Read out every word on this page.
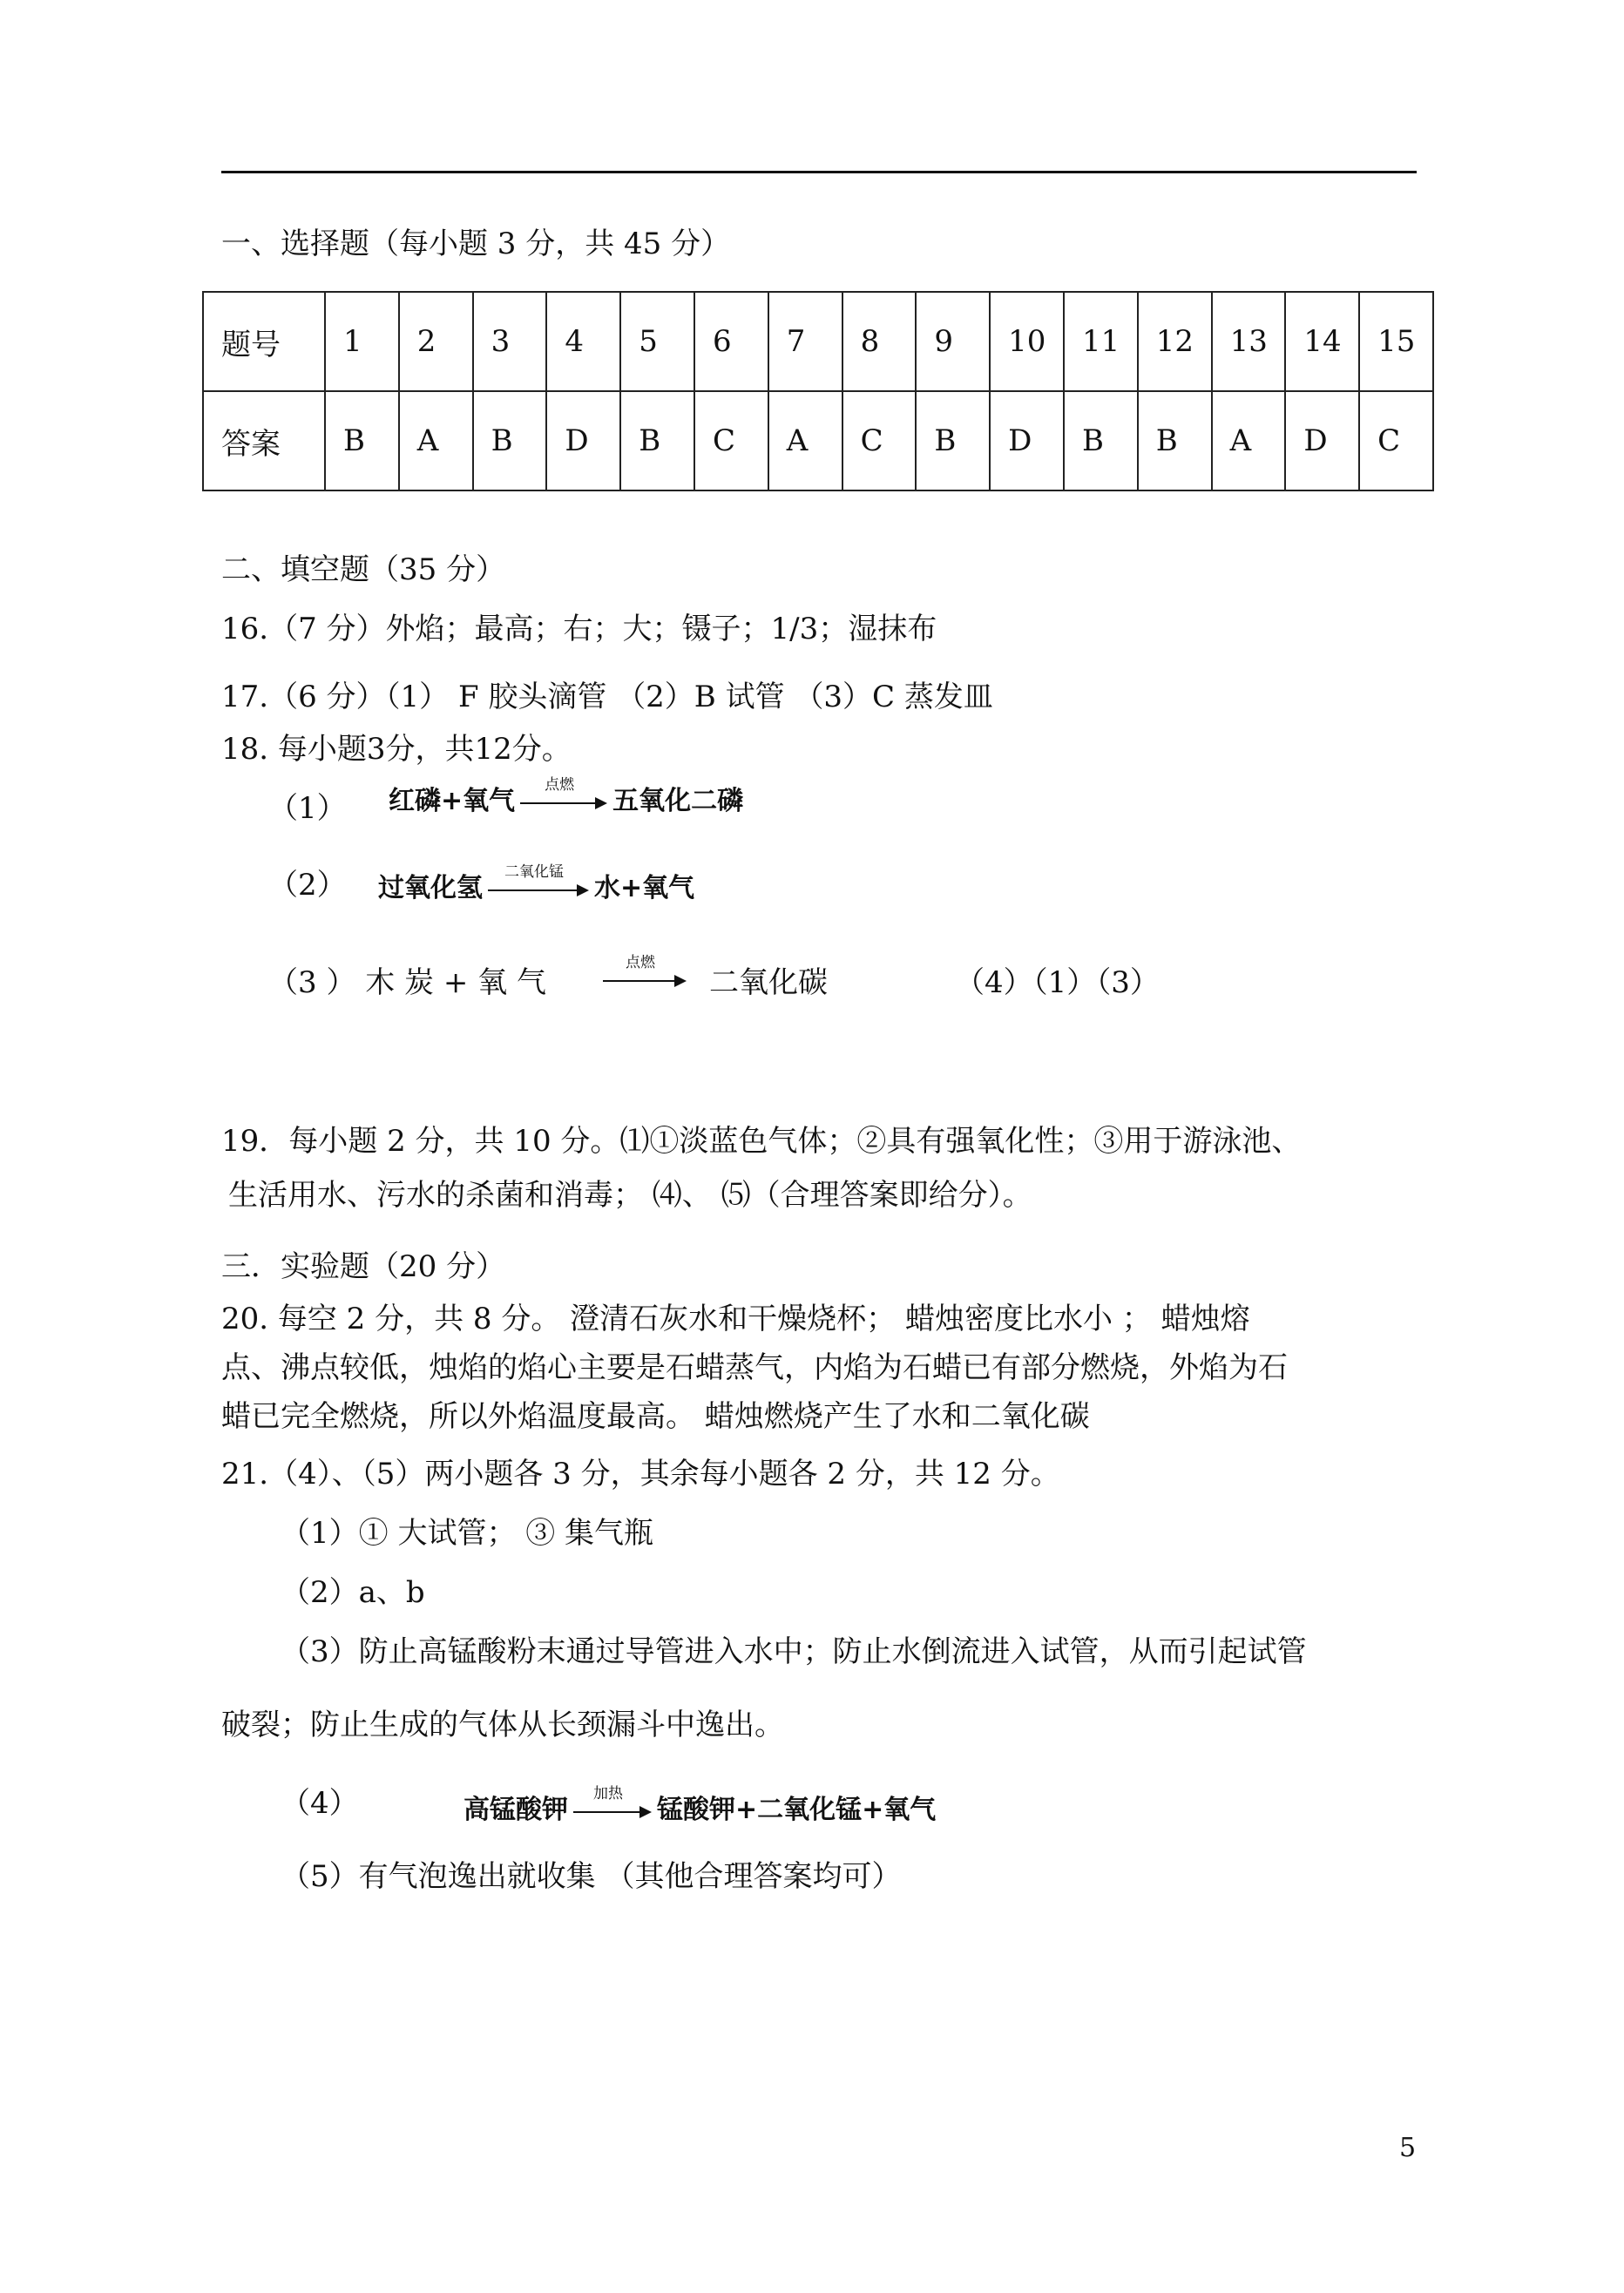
一、选择题（每小题 3 分，共 45 分）
题号	1	2	3	4	5	6	7	8	9	10	11	12	13	14	15
答案	B	A	B	D	B	C	A	C	B	D	B	B	A	D	C
二、填空题（35 分）
16.（7 分）外焰；最高；右；大；镊子；1/3；湿抹布
17.（6 分）（1） F 胶头滴管 （2）B 试管 （3）C 蒸发皿
18. 每小题3分，共12分。
（1） 红磷+氧气
点燃
五氧化二磷
（2） 过氧化氢
二氧化锰
水+氧气
（3 ） 木 炭 + 氧 气
点燃
二氧化碳	（4）（1）（3）
19．每小题 2 分，共 10 分。⑴①淡蓝色气体；②具有强氧化性；③用于游泳池、
生活用水、污水的杀菌和消毒； ⑷、 ⑸（合理答案即给分）。
三．实验题（20 分）
20. 每空 2 分，共 8 分。 澄清石灰水和干燥烧杯； 蜡烛密度比水小 ； 蜡烛熔
点、沸点较低，烛焰的焰心主要是石蜡蒸气，内焰为石蜡已有部分燃烧，外焰为石
蜡已完全燃烧，所以外焰温度最高。 蜡烛燃烧产生了水和二氧化碳
21.（4）、（5）两小题各 3 分，其余每小题各 2 分，共 12 分。
（1）① 大试管； ③ 集气瓶
（2）a、b
（3）防止高锰酸粉末通过导管进入水中；防止水倒流进入试管，从而引起试管
破裂；防止生成的气体从长颈漏斗中逸出。
（4）	高锰酸钾
加热
锰酸钾+二氧化锰+氧气
（5）有气泡逸出就收集 （其他合理答案均可）
5
